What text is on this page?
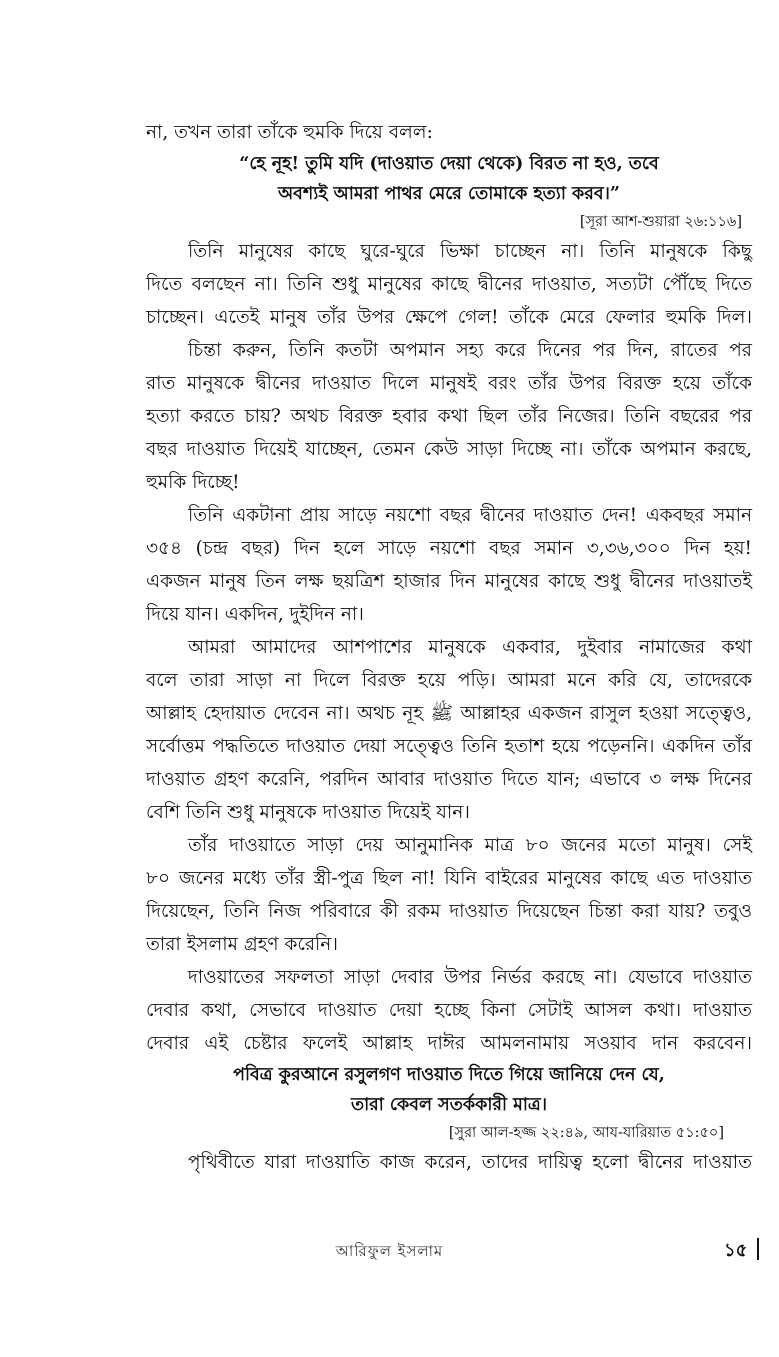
না, তখন তারা তাঁকে হুমকি দিয়ে বলল:
“হে নূহ! তুমি যদি (দাওয়াত দেয়া থেকে) বিরত না হও, তবে
অবশ্যই আমরা পাথর মেরে তোমাকে হত্যা করব।”
[সূরা আশ-শুয়ারা ২৬:১১৬]
তিনি মানুষের কাছে ঘুরে-ঘুরে ভিক্ষা চাচ্ছেন না। তিনি মানুষকে কিছু
দিতে বলছেন না। তিনি শুধু মানুষের কাছে দ্বীনের দাওয়াত, সত্যটা পৌঁছে দিতে
চাচ্ছেন। এতেই মানুষ তাঁর উপর ক্ষেপে গেল! তাঁকে মেরে ফেলার হুমকি দিল।
চিন্তা করুন, তিনি কতটা অপমান সহ্য করে দিনের পর দিন, রাতের পর
রাত মানুষকে দ্বীনের দাওয়াত দিলে মানুষই বরং তাঁর উপর বিরক্ত হয়ে তাঁকে
হত্যা করতে চায়? অথচ বিরক্ত হবার কথা ছিল তাঁর নিজের। তিনি বছরের পর
বছর দাওয়াত দিয়েই যাচ্ছেন, তেমন কেউ সাড়া দিচ্ছে না। তাঁকে অপমান করছে,
হুমকি দিচ্ছে!
তিনি একটানা প্রায় সাড়ে নয়শো বছর দ্বীনের দাওয়াত দেন! একবছর সমান
৩৫৪ (চন্দ্র বছর) দিন হলে সাড়ে নয়শো বছর সমান ৩,৩৬,৩০০ দিন হয়!
একজন মানুষ তিন লক্ষ ছয়ত্রিশ হাজার দিন মানুষের কাছে শুধু দ্বীনের দাওয়াতই
দিয়ে যান। একদিন, দুইদিন না।
আমরা আমাদের আশপাশের মানুষকে একবার, দুইবার নামাজের কথা
বলে তারা সাড়া না দিলে বিরক্ত হয়ে পড়ি। আমরা মনে করি যে, তাদেরকে
আল্লাহ হেদায়াত দেবেন না। অথচ নূহ ﷺ আল্লাহর একজন রাসুল হওয়া সত্ত্বেও,
সর্বোত্তম পদ্ধতিতে দাওয়াত দেয়া সত্ত্বেও তিনি হতাশ হয়ে পড়েননি। একদিন তাঁর
দাওয়াত গ্রহণ করেনি, পরদিন আবার দাওয়াত দিতে যান; এভাবে ৩ লক্ষ দিনের
বেশি তিনি শুধু মানুষকে দাওয়াত দিয়েই যান।
তাঁর দাওয়াতে সাড়া দেয় আনুমানিক মাত্র ৮০ জনের মতো মানুষ। সেই
৮০ জনের মধ্যে তাঁর স্ত্রী-পুত্র ছিল না! যিনি বাইরের মানুষের কাছে এত দাওয়াত
দিয়েছেন, তিনি নিজ পরিবারে কী রকম দাওয়াত দিয়েছেন চিন্তা করা যায়? তবুও
তারা ইসলাম গ্রহণ করেনি।
দাওয়াতের সফলতা সাড়া দেবার উপর নির্ভর করছে না। যেভাবে দাওয়াত
দেবার কথা, সেভাবে দাওয়াত দেয়া হচ্ছে কিনা সেটাই আসল কথা। দাওয়াত
দেবার এই চেষ্টার ফলেই আল্লাহ দাঈর আমলনামায় সওয়াব দান করবেন।
পবিত্র কুরআনে রসুলগণ দাওয়াত দিতে গিয়ে জানিয়ে দেন যে,
তারা কেবল সতর্ককারী মাত্র।
[সুরা আল-হজ্জ ২২:৪৯, আয-যারিয়াত ৫১:৫০]
পৃথিবীতে যারা দাওয়াতি কাজ করেন, তাদের দায়িত্ব হলো দ্বীনের দাওয়াত
আরিফুল ইসলাম	১৫
